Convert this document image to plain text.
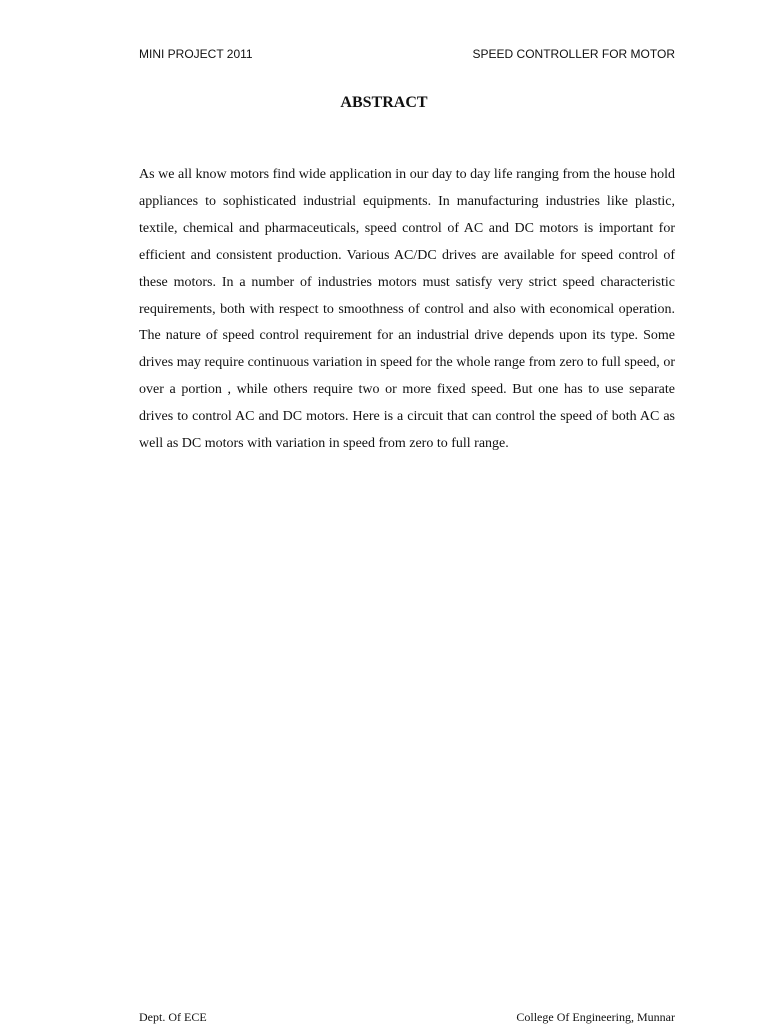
MINI PROJECT 2011	SPEED CONTROLLER FOR MOTOR
ABSTRACT

As we all know motors find wide application in our day to day life ranging from the house hold appliances to sophisticated industrial equipments. In manufacturing industries like plastic, textile, chemical and pharmaceuticals, speed control of AC and DC motors is important for efficient and consistent production. Various AC/DC drives are available for speed control of these motors. In a number of industries motors must satisfy very strict speed characteristic requirements, both with respect to smoothness of control and also with economical operation. The nature of speed control requirement for an industrial drive depends upon its type. Some drives may require continuous variation in speed for the whole range from zero to full speed, or over a portion , while others require two or more fixed speed. But one has to use separate drives to control AC and DC motors. Here is a circuit that can control the speed of both AC as well as DC motors with variation in speed from zero to full range.

Dept. Of ECE	College Of Engineering, Munnar
